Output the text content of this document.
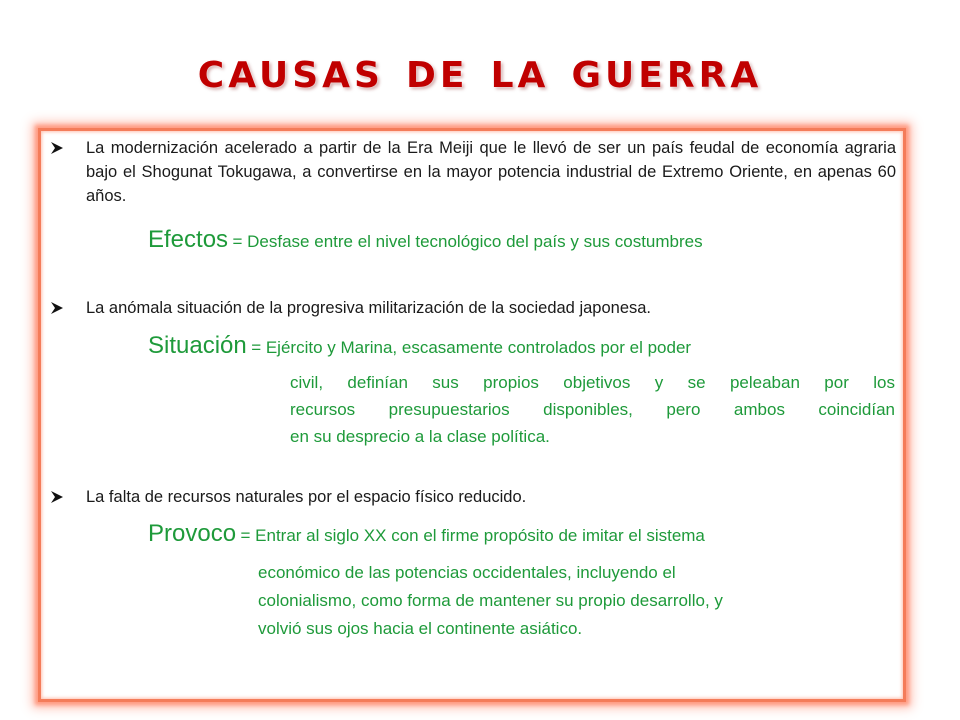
causas de la guerra
La modernización acelerado a partir de la Era Meiji que le llevó de ser un país feudal de economía agraria bajo el Shogunat Tokugawa, a convertirse en la mayor potencia industrial de Extremo Oriente, en apenas 60 años.
Efectos = Desfase entre el nivel tecnológico del país y sus costumbres
La anómala situación de la progresiva militarización de la sociedad japonesa.
Situación = Ejército y Marina, escasamente controlados por el poder
civil, definían sus propios objetivos y se peleaban por los
recursos presupuestarios disponibles, pero ambos coincidían
en su desprecio a la clase política.
La falta de recursos naturales por el espacio físico reducido.
Provoco = Entrar al siglo XX con el firme propósito de imitar el sistema
económico de las potencias occidentales, incluyendo el
colonialismo, como forma de mantener su propio desarrollo, y
volvió sus ojos hacia el continente asiático.
